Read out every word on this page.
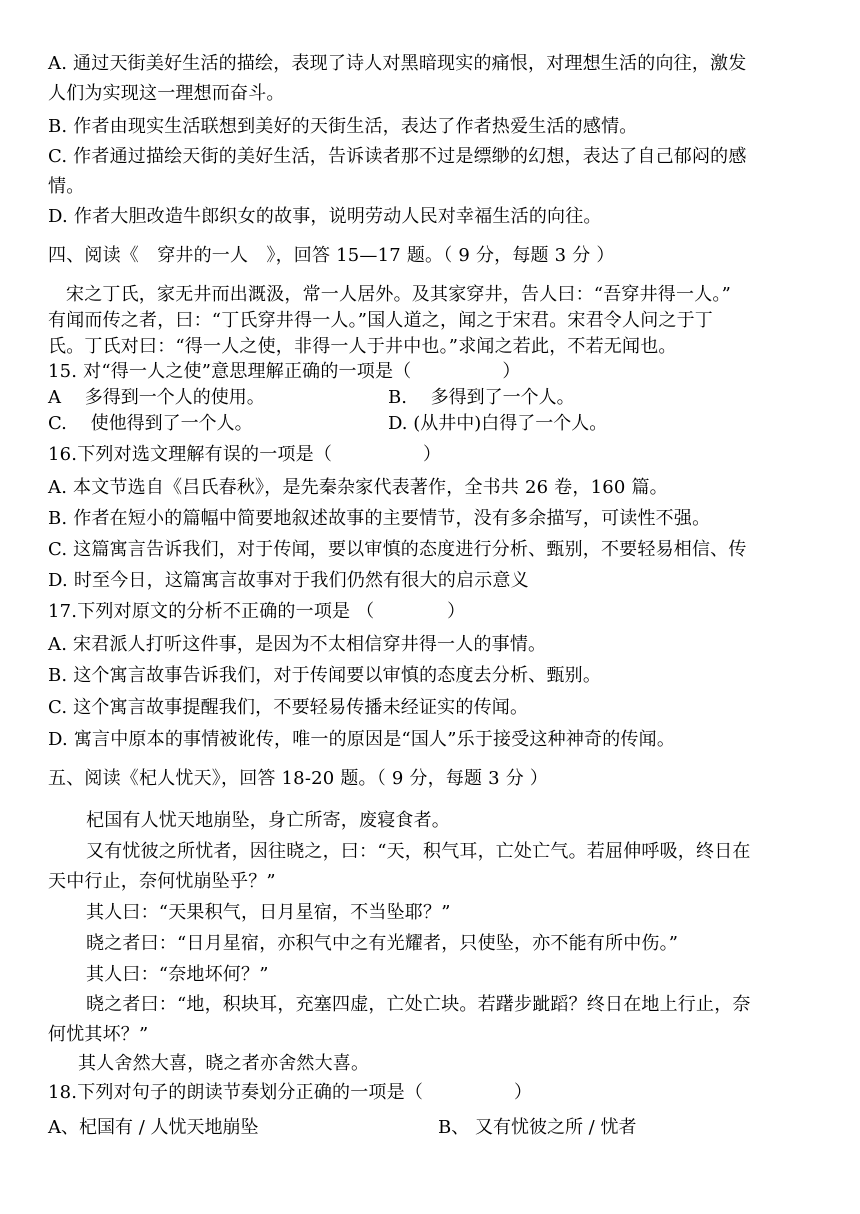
A. 通过天街美好生活的描绘，表现了诗人对黑暗现实的痛恨，对理想生活的向往，激发
人们为实现这一理想而奋斗。
B. 作者由现实生活联想到美好的天街生活，表达了作者热爱生活的感情。
C. 作者通过描绘天街的美好生活，告诉读者那不过是缥缈的幻想，表达了自己郁闷的感
情。
D. 作者大胆改造牛郎织女的故事，说明劳动人民对幸福生活的向往。
四、阅读《　穿井的一人　》，回答 15—17 题。（ 9 分，每题 3 分 ）
宋之丁氏，家无井而出溉汲，常一人居外。及其家穿井，告人曰：“吾穿井得一人。”
有闻而传之者，曰：“丁氏穿井得一人。”国人道之，闻之于宋君。宋君令人问之于丁
氏。丁氏对曰：“得一人之使，非得一人于井中也。”求闻之若此，不若无闻也。
15. 对“得一人之使”意思理解正确的一项是（　　　　　）
A　 多得到一个人的使用。	B.　 多得到了一个人。
C.　 使他得到了一个人。	D. (从井中)白得了一个人。
16.下列对选文理解有误的一项是（　　　　　）
A. 本文节选自《吕氏春秋》，是先秦杂家代表著作，全书共 26 卷，160 篇。
B. 作者在短小的篇幅中简要地叙述故事的主要情节，没有多余描写，可读性不强。
C. 这篇寓言告诉我们，对于传闻，要以审慎的态度进行分析、甄别，不要轻易相信、传
D. 时至今日，这篇寓言故事对于我们仍然有很大的启示意义
17.下列对原文的分析不正确的一项是 （　　　　）
A. 宋君派人打听这件事，是因为不太相信穿井得一人的事情。
B. 这个寓言故事告诉我们，对于传闻要以审慎的态度去分析、甄别。
C. 这个寓言故事提醒我们，不要轻易传播未经证实的传闻。
D. 寓言中原本的事情被讹传，唯一的原因是“国人”乐于接受这种神奇的传闻。
五、阅读《杞人忧天》，回答 18-20 题。（ 9 分，每题 3 分 ）
杞国有人忧天地崩坠，身亡所寄，废寝食者。
又有忧彼之所忧者，因往晓之，曰：“天，积气耳，亡处亡气。若屈伸呼吸，终日在
天中行止，奈何忧崩坠乎？”
其人曰：“天果积气，日月星宿，不当坠耶？”
晓之者曰：“日月星宿，亦积气中之有光耀者，只使坠，亦不能有所中伤。”
其人曰：“奈地坏何？”
晓之者曰：“地，积块耳，充塞四虚，亡处亡块。若躇步跐蹈？终日在地上行止，奈
何忧其坏？”
其人舍然大喜，晓之者亦舍然大喜。
18.下列对句子的朗读节奏划分正确的一项是（　　　　　）
A、杞国有 / 人忧天地崩坠	B、 又有忧彼之所 / 忧者
